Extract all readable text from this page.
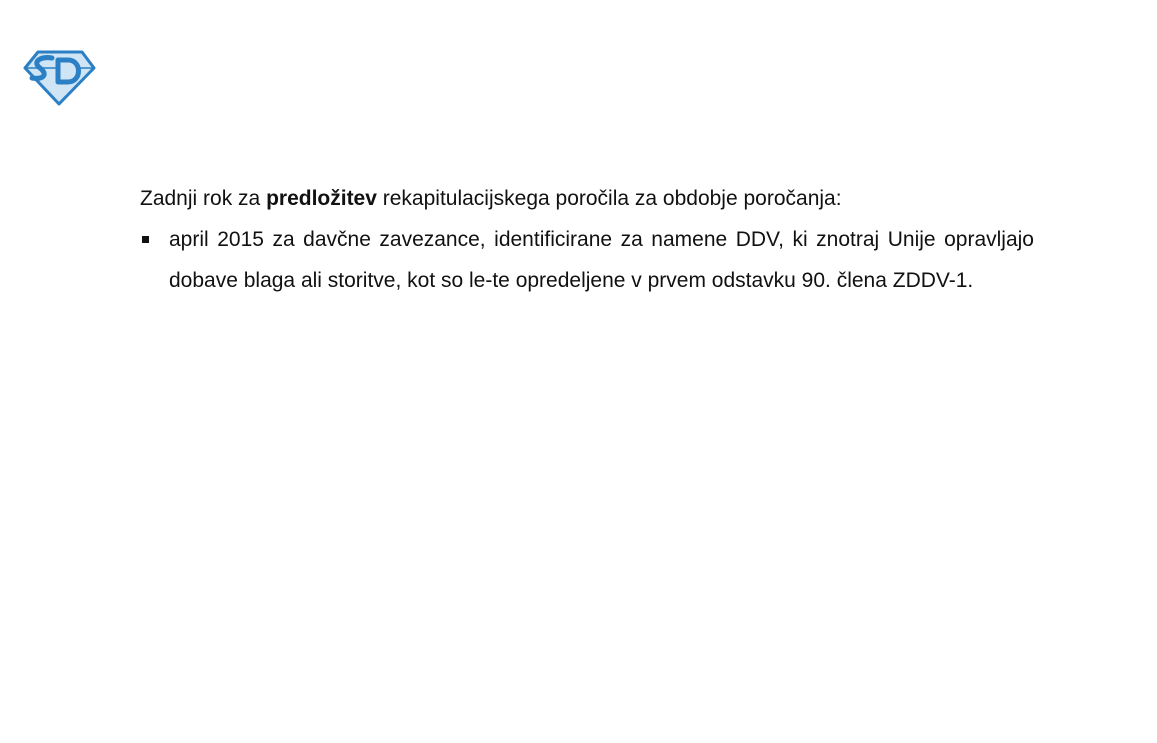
Zadnji rok za predložitev rekapitulacijskega poročila za obdobje poročanja:

april 2015 za davčne zavezance, identificirane za namene DDV, ki znotraj Unije opravljajo dobave blaga ali storitve, kot so le-te opredeljene v prvem odstavku 90. člena ZDDV-1.
